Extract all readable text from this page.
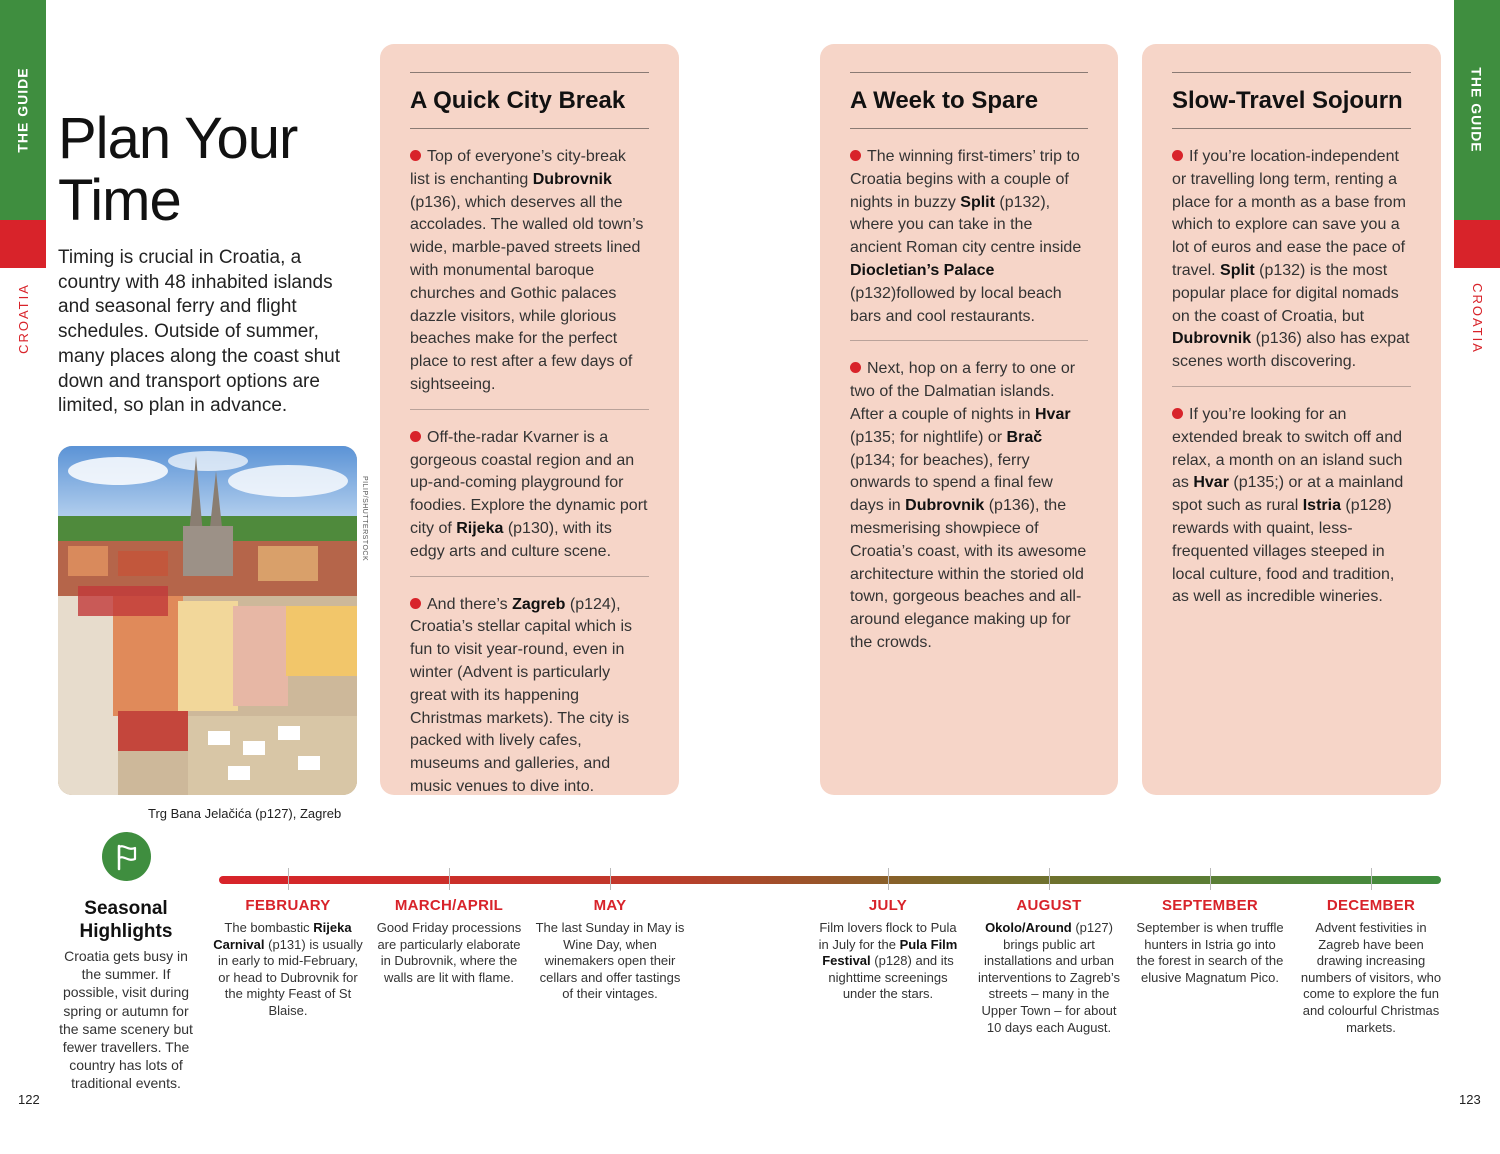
THE GUIDE
CROATIA
THE GUIDE
CROATIA
Plan Your Time

Timing is crucial in Croatia, a country with 48 inhabited islands and seasonal ferry and flight schedules. Outside of summer, many places along the coast shut down and transport options are limited, so plan in advance.

PILIP/SHUTTERSTOCK
Trg Bana Jelačića (p127), Zagreb
A Quick City Break
Top of everyone’s city-break list is enchanting Dubrovnik (p136), which deserves all the accolades. The walled old town’s wide, marble-paved streets lined with monumental baroque churches and Gothic palaces dazzle visitors, while glorious beaches make for the perfect place to rest after a few days of sightseeing.
Off-the-radar Kvarner is a gorgeous coastal region and an up-and-coming playground for foodies. Explore the dynamic port city of Rijeka (p130), with its edgy arts and culture scene.
And there’s Zagreb (p124), Croatia’s stellar capital which is fun to visit year-round, even in winter (Advent is particularly great with its happening Christmas markets). The city is packed with lively cafes, museums and galleries, and music venues to dive into.
A Week to Spare
The winning first-timers’ trip to Croatia begins with a couple of nights in buzzy Split (p132), where you can take in the ancient Roman city centre inside Diocletian’s Palace (p132)followed by local beach bars and cool restaurants.
Next, hop on a ferry to one or two of the Dalmatian islands. After a couple of nights in Hvar (p135; for nightlife) or Brač (p134; for beaches), ferry onwards to spend a final few days in Dubrovnik (p136), the mesmerising showpiece of Croatia’s coast, with its awesome architecture within the storied old town, gorgeous beaches and all-around elegance making up for the crowds.
Slow-Travel Sojourn
If you’re location-independent or travelling long term, renting a place for a month as a base from which to explore can save you a lot of euros and ease the pace of travel. Split (p132) is the most popular place for digital nomads on the coast of Croatia, but Dubrovnik (p136) also has expat scenes worth discovering.
If you’re looking for an extended break to switch off and relax, a month on an island such as Hvar (p135;) or at a mainland spot such as rural Istria (p128) rewards with quaint, less-frequented villages steeped in local culture, food and tradition, as well as incredible wineries.
Seasonal Highlights
Croatia gets busy in the summer. If possible, visit during spring or autumn for the same scenery but fewer travellers. The country has lots of traditional events.
FEBRUARY
The bombastic Rijeka Carnival (p131) is usually in early to mid-February, or head to Dubrovnik for the mighty Feast of St Blaise.
MARCH/APRIL
Good Friday processions are particularly elaborate in Dubrovnik, where the walls are lit with flame.
MAY
The last Sunday in May is Wine Day, when winemakers open their cellars and offer tastings of their vintages.
JULY
Film lovers flock to Pula in July for the Pula Film Festival (p128) and its nighttime screenings under the stars.
AUGUST
Okolo/Around (p127) brings public art installations and urban interventions to Zagreb’s streets – many in the Upper Town – for about 10 days each August.
SEPTEMBER
September is when truffle hunters in Istria go into the forest in search of the elusive Magnatum Pico.
DECEMBER
Advent festivities in Zagreb have been drawing increasing numbers of visitors, who come to explore the fun and colourful Christmas markets.
122	123
